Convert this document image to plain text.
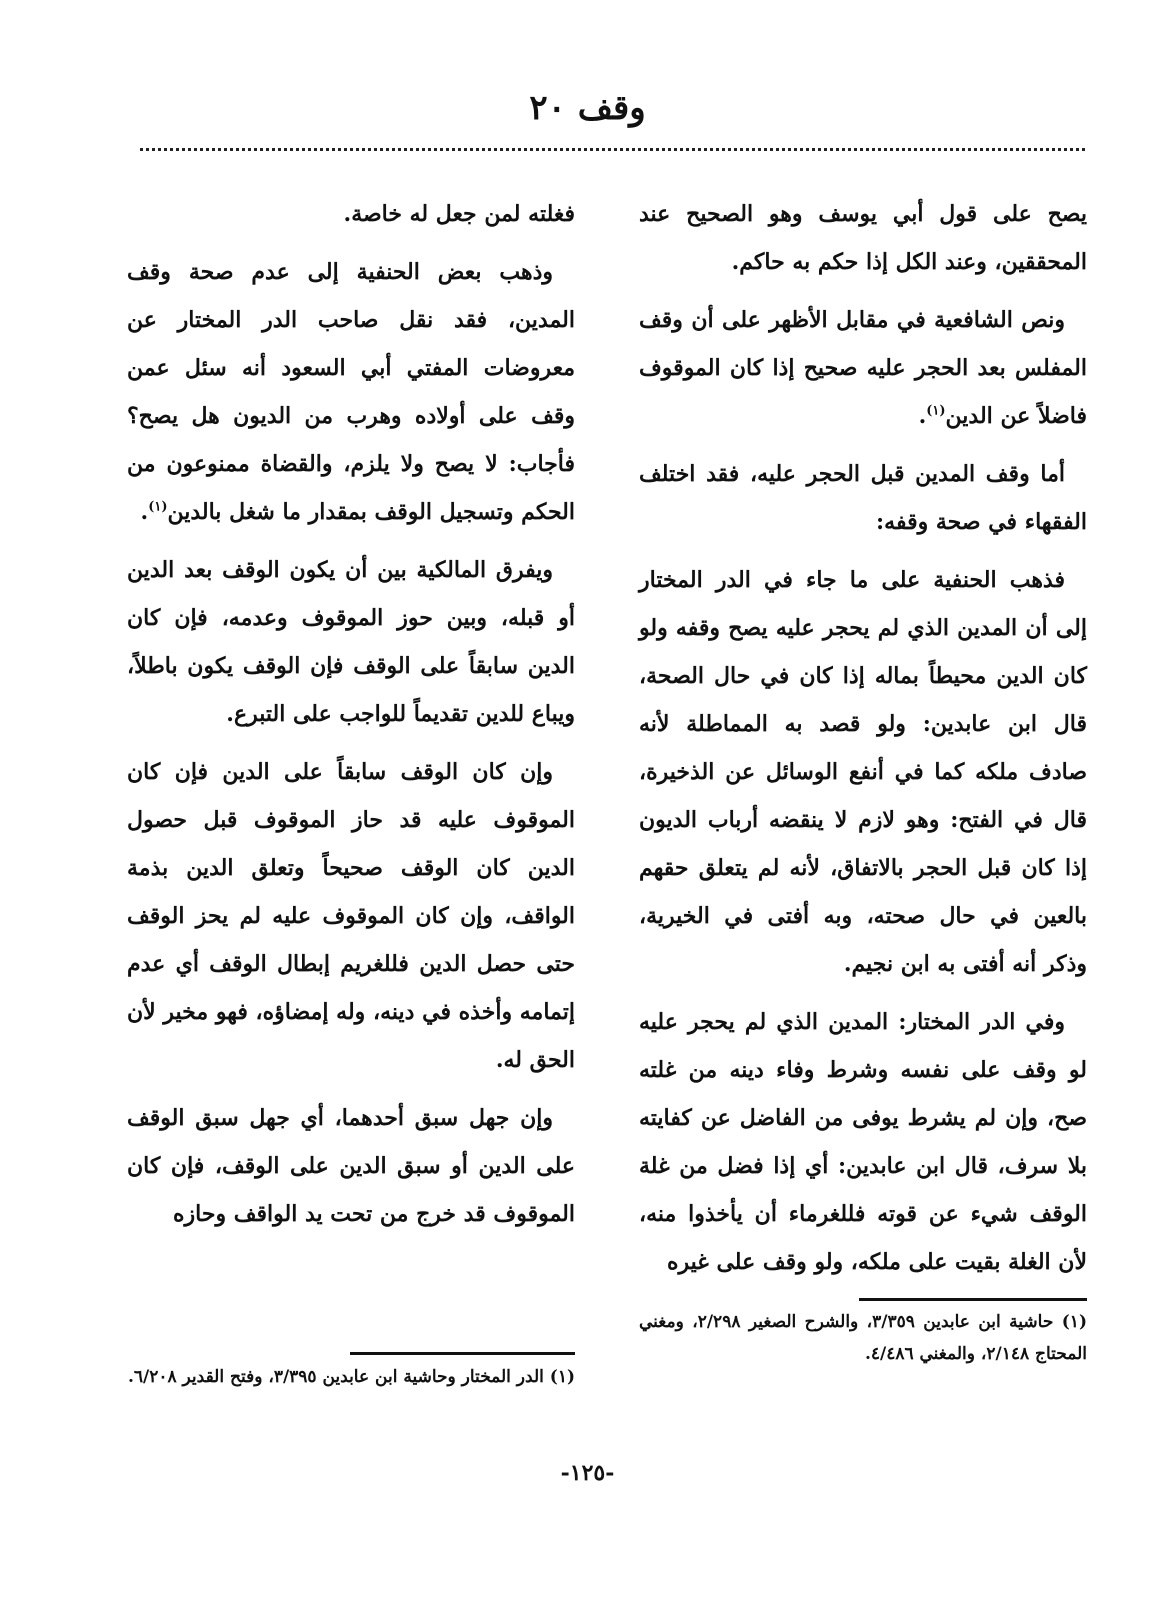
وقف ٢٠

يصح على قول أبي يوسف وهو الصحيح عند المحققين، وعند الكل إذا حكم به حاكم.

ونص الشافعية في مقابل الأظهر على أن وقف المفلس بعد الحجر عليه صحيح إذا كان الموقوف فاضلاً عن الدين$^{(١)}$.

أما وقف المدين قبل الحجر عليه، فقد اختلف الفقهاء في صحة وقفه:

فذهب الحنفية على ما جاء في الدر المختار إلى أن المدين الذي لم يحجر عليه يصح وقفه ولو كان الدين محيطاً بماله إذا كان في حال الصحة، قال ابن عابدين: ولو قصد به المماطلة لأنه صادف ملكه كما في أنفع الوسائل عن الذخيرة، قال في الفتح: وهو لازم لا ينقضه أرباب الديون إذا كان قبل الحجر بالاتفاق، لأنه لم يتعلق حقهم بالعين في حال صحته، وبه أفتى في الخيرية، وذكر أنه أفتى به ابن نجيم.

وفي الدر المختار: المدين الذي لم يحجر عليه لو وقف على نفسه وشرط وفاء دينه من غلته صح، وإن لم يشرط يوفى من الفاضل عن كفايته بلا سرف، قال ابن عابدين: أي إذا فضل من غلة الوقف شيء عن قوته فللغرماء أن يأخذوا منه، لأن الغلة بقيت على ملكه، ولو وقف على غيره

فغلته لمن جعل له خاصة.

وذهب بعض الحنفية إلى عدم صحة وقف المدين، فقد نقل صاحب الدر المختار عن معروضات المفتي أبي السعود أنه سئل عمن وقف على أولاده وهرب من الديون هل يصح؟ فأجاب: لا يصح ولا يلزم، والقضاة ممنوعون من الحكم وتسجيل الوقف بمقدار ما شغل بالدين$^{(١)}$.

ويفرق المالكية بين أن يكون الوقف بعد الدين أو قبله، وبين حوز الموقوف وعدمه، فإن كان الدين سابقاً على الوقف فإن الوقف يكون باطلاً، ويباع للدين تقديماً للواجب على التبرع.

وإن كان الوقف سابقاً على الدين فإن كان الموقوف عليه قد حاز الموقوف قبل حصول الدين كان الوقف صحيحاً وتعلق الدين بذمة الواقف، وإن كان الموقوف عليه لم يحز الوقف حتى حصل الدين فللغريم إبطال الوقف أي عدم إتمامه وأخذه في دينه، وله إمضاؤه، فهو مخير لأن الحق له.

وإن جهل سبق أحدهما، أي جهل سبق الوقف على الدين أو سبق الدين على الوقف، فإن كان الموقوف قد خرج من تحت يد الواقف وحازه

(١) حاشية ابن عابدين ٣/٣٥٩، والشرح الصغير ٢/٢٩٨، ومغني المحتاج ٢/١٤٨، والمغني ٤/٤٨٦.
(١) الدر المختار وحاشية ابن عابدين ٣/٣٩٥، وفتح القدير ٦/٢٠٨.
-١٢٥-
